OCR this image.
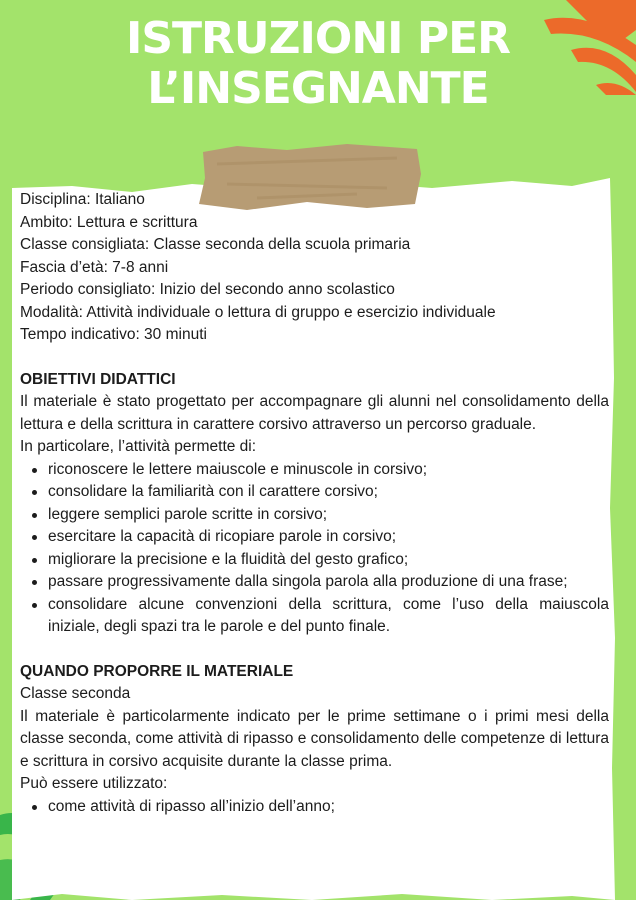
ISTRUZIONI PER
L’INSEGNANTE

Disciplina: Italiano

Ambito: Lettura e scrittura

Classe consigliata: Classe seconda della scuola primaria

Fascia d’età: 7-8 anni

Periodo consigliato: Inizio del secondo anno scolastico

Modalità: Attività individuale o lettura di gruppo e esercizio individuale

Tempo indicativo: 30 minuti

OBIETTIVI DIDATTICI

Il materiale è stato progettato per accompagnare gli alunni nel consolidamento della lettura e della scrittura in carattere corsivo attraverso un percorso graduale.

In particolare, l’attività permette di:

riconoscere le lettere maiuscole e minuscole in corsivo;
consolidare la familiarità con il carattere corsivo;
leggere semplici parole scritte in corsivo;
esercitare la capacità di ricopiare parole in corsivo;
migliorare la precisione e la fluidità del gesto grafico;
passare progressivamente dalla singola parola alla produzione di una frase;
consolidare alcune convenzioni della scrittura, come l’uso della maiuscola iniziale, degli spazi tra le parole e del punto finale.

QUANDO PROPORRE IL MATERIALE

Classe seconda

Il materiale è particolarmente indicato per le prime settimane o i primi mesi della classe seconda, come attività di ripasso e consolidamento delle competenze di lettura e scrittura in corsivo acquisite durante la classe prima.

Può essere utilizzato:

come attività di ripasso all’inizio dell’anno;
